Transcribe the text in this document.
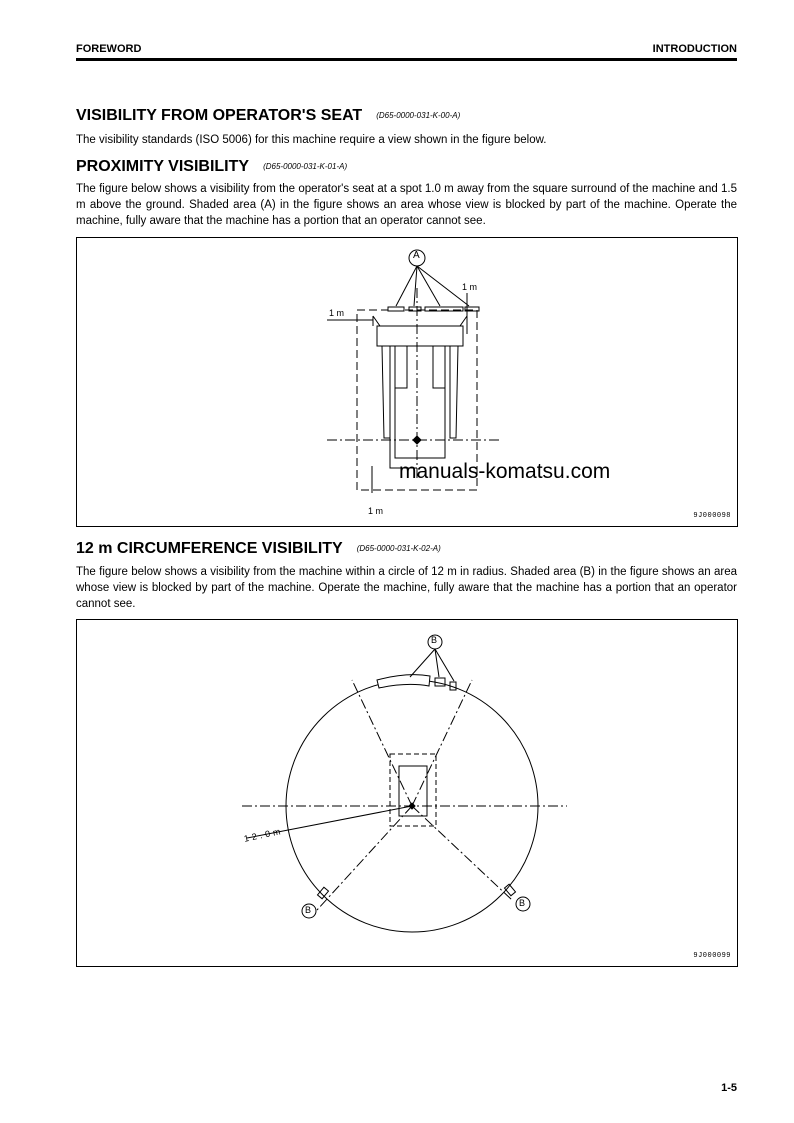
FOREWORD	INTRODUCTION
VISIBILITY FROM OPERATOR'S SEAT (D65-0000-031-K-00-A)

The visibility standards (ISO 5006) for this machine require a view shown in the figure below.

PROXIMITY VISIBILITY (D65-0000-031-K-01-A)

The figure below shows a visibility from the operator's seat at a spot 1.0 m away from the square surround of the machine and 1.5 m above the ground. Shaded area (A) in the figure shows an area whose view is blocked by part of the machine. Operate the machine, fully aware that the machine has a portion that an operator cannot see.

A
1 m
1 m
1 m	9J000098
12 m CIRCUMFERENCE VISIBILITY (D65-0000-031-K-02-A)

The figure below shows a visibility from the machine within a circle of 12 m in radius. Shaded area (B) in the figure shows an area whose view is blocked by part of the machine. Operate the machine, fully aware that the machine has a portion that an operator cannot see.

B
B
B
12.0m
9J000099
manuals-komatsu.com
1-5
